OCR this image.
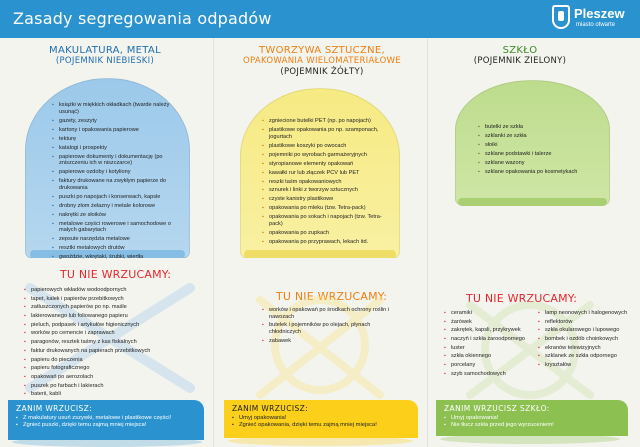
Zasady segregowania odpadów	Pleszew
miasto otwarte
MAKULATURA, METAL
(POJEMNIK NIEBIESKI)
▪ książki w miękkich okładkach (twarde należy usunąć)
▪ gazety, zeszyty
▪ kartony i opakowania papierowe
▪ tekturę
▪ katalogi i prospekty
▪ papierowe dokumenty i dokumentację (po zniszczeniu ich w niszczarce)
▪ papierowe ozdoby i kotyliony
▪ faktury drukowane na zwykłym papierze do drukowania
▪ puszki po napojach i konserwach, kapsle
▪ drobny złom żelazny i metale kolorowe
▪ nakrętki ze słoików
▪ metalowe części rowerowe i samochodowe o małych gabarytach
▪ zepsute narzędzia metalowe
▪ resztki metalowych drutów
▪ gwoździe, wkrętaki, śrubki, wiertła
TU NIE WRZUCAMY:
▪ papierowych wkładów wodoodpornych
▪ tapet, kalek i papierów przebitkowych
▪ zatłuszczonych papierów po np. maśle
▪ lakierowanego lub foliowanego papieru
▪ pieluch, podpasek i artykułów higienicznych
▪ worków po cemencie i zaprawach
▪ paragonów, resztek taśmy z kas fiskalnych
▪ faktur drukowanych na papierach przebitkowych
▪ papieru do pieczenia
▪ papieru fotograficznego
▪ opakowań po aerozolach
▪ puszek po farbach i lakierach
▪ baterii, kabli
ZANIM WRZUCISZ:
▪ Z makulatury usuń zszywki, metalowe i plastikowe części!
▪ Zgnieć puszki, dzięki temu zajmą mniej miejsca!
TWORZYWA SZTUCZNE,
OPAKOWANIA WIELOMATERIAŁOWE
(POJEMNIK ŻÓŁTY)
▪ zgniecione butelki PET (np. po napojach)
▪ plastikowe opakowania po np. szamponach, jogurtach
▪ plastikowe koszyki po owocach
▪ pojemniki po wyrobach garmażeryjnych
▪ styropianowe elementy opakowań
▪ kawałki rur lub złączek PCV lub PET
▪ reszki taśm opakowaniowych
▪ sznurek i linki z tworzyw sztucznych
▪ czyste kanistry plastikowe
▪ opakowania po mleku (tzw. Tetra-pack)
▪ opakowania po sokach i napojach (tzw. Tetra-pack)
▪ opakowania po zupkach
▪ opakowania po przyprawach, lekach itd.
TU NIE WRZUCAMY:
▪ worków i opakowań po środkach ochrony roślin i nawozach
▪ butelek i pojemników po olejach, płynach chłodniczych
▪ zabawek
ZANIM WRZUCISZ:
▪ Umyj opakowania!
▪ Zgnieć opakowania, dzięki temu zajmą mniej miejsca!
SZKŁO
(POJEMNIK ZIELONY)
▪ butelki ze szkła
▪ szklanki ze szkła
▪ słoiki
▪ szklane podstawki i talerze
▪ szklane wazony
▪ szklane opakowania po kosmetykach
TU NIE WRZUCAMY:
▪ ceramiki
▪ żarówek
▪ zakrętek, kapsli, przykrywek
▪ naczyń i szkła żaroodpornego
▪ luster
▪ szkła okiennego
▪ porcelany
▪ szyb samochodowych
▪ lamp neonowych i halogenowych
▪ reflektorów
▪ szkła okularowego i lupowego
▪ bombek i ozdób choinkowych
▪ ekranów telewizyjnych
▪ szklanek ze szkła odpornego
▪ kryształów
ZANIM WRZUCISZ SZKŁO:
▪ Umyj opakowania!
▪ Nie tłucz szkła przed jego wyrzuceniem!
